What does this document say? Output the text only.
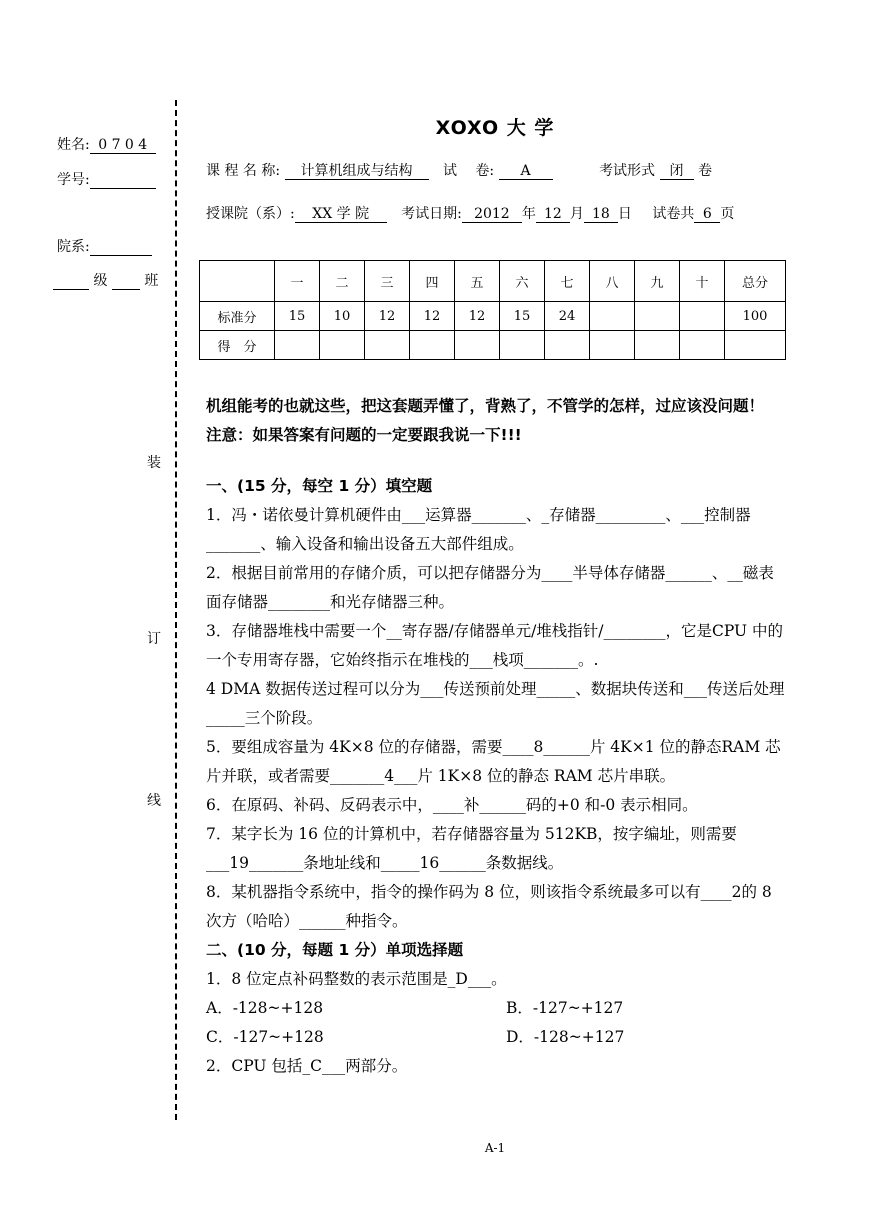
姓名: 0 7 0 4
学号:
院系:
级	班
装
订
线
XOXO 大 学
课 程 名 称: 计算机组成与结构 试　 卷: A	考试形式 闭 卷
授课院（系）: XX 学 院 考试日期: 2012 年 12 月 18 日 试卷共 6 页
	一	二	三	四	五	六	七	八	九	十	总分
标准分	15	10	12	12	12	15	24				100
得　分											

机组能考的也就这些，把这套题弄懂了，背熟了，不管学的怎样，过应该没问题！

注意：如果答案有问题的一定要跟我说一下!!!

一、(15 分，每空 1 分）填空题

1．冯・诺依曼计算机硬件由___运算器_______、_存储器_________、___控制器_______、输入设备和输出设备五大部件组成。

2．根据目前常用的存储介质，可以把存储器分为____半导体存储器______、__磁表面存储器________和光存储器三种。

3．存储器堆栈中需要一个__寄存器/存储器单元/堆栈指针/________，它是CPU 中的一个专用寄存器，它始终指示在堆栈的___栈项_______。.

4 DMA 数据传送过程可以分为___传送预前处理_____、数据块传送和___传送后处理_____三个阶段。

5．要组成容量为 4K×8 位的存储器，需要____8______片 4K×1 位的静态RAM 芯片并联，或者需要_______4___片 1K×8 位的静态 RAM 芯片串联。

6．在原码、补码、反码表示中，____补______码的+0 和-0 表示相同。

7．某字长为 16 位的计算机中，若存储器容量为 512KB，按字编址，则需要___19_______条地址线和_____16______条数据线。

8．某机器指令系统中，指令的操作码为 8 位，则该指令系统最多可以有____2的 8 次方（哈哈）______种指令。

二、(10 分，每题 1 分）单项选择题

1．8 位定点补码整数的表示范围是_D___。

A．-128~+128	B．-127~+127

C．-127~+128	D．-128~+127

2．CPU 包括_C___两部分。

A-1
